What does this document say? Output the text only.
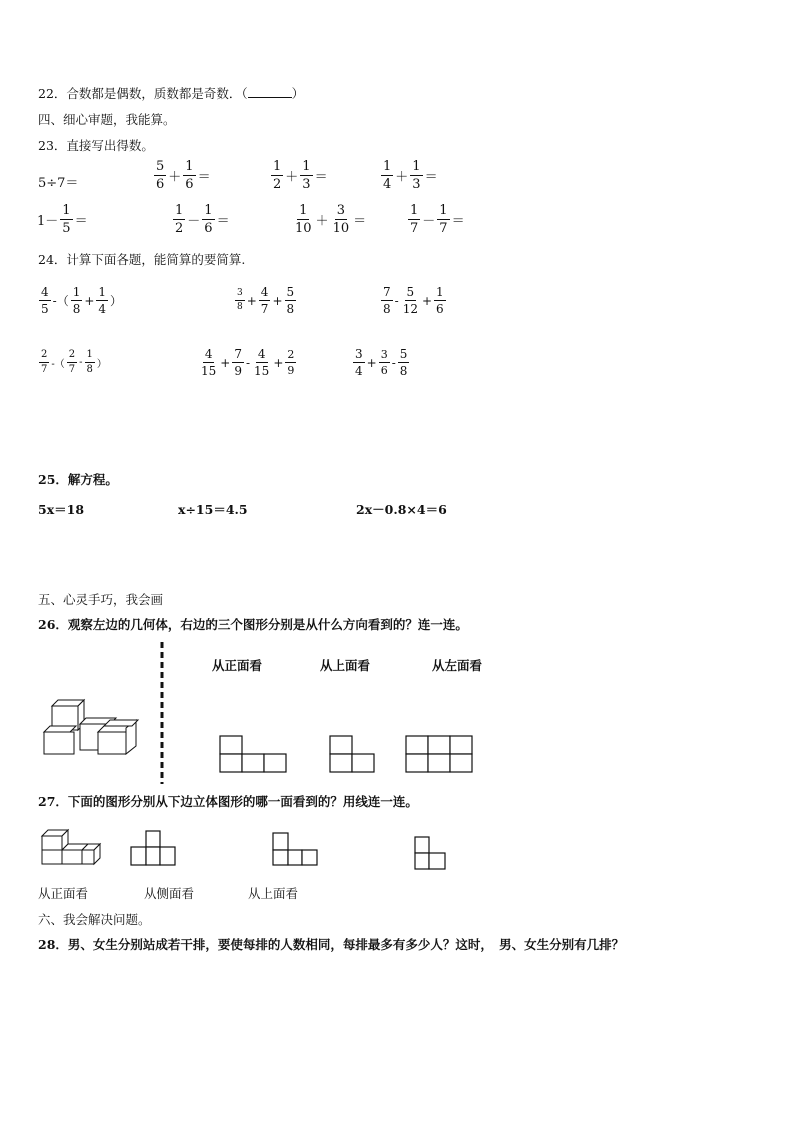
22．合数都是偶数，质数都是奇数．（	）
四、细心审题，我能算。
23．直接写出得数。
5÷7＝	$\frac{5}{6} + \frac{1}{6}$ ＝	$\frac{1}{2} + \frac{1}{3}$ ＝	$\frac{1}{4} + \frac{1}{3}$ ＝
$1- \frac{1}{5}$ ＝	$\frac{1}{2} - \frac{1}{6}$ ＝	$\frac{1}{10} + \frac{3}{10}$ ＝	$\frac{1}{7} - \frac{1}{7}$ ＝
24．计算下面各题，能简算的要简算.
$\frac{4}{5}$ -（ $\frac{1}{8} + \frac{1}{4}$ ）	$\frac{3}{8} + \frac{4}{7} + \frac{5}{8}$	$\frac{7}{8} - \frac{5}{12} + \frac{1}{6}$
$\frac{2}{7}$ -（ $\frac{2}{7} - \frac{1}{8}$ ）	$\frac{4}{15} + \frac{7}{9} - \frac{4}{15} + \frac{2}{9}$	$\frac{3}{4} + \frac{3}{6} - \frac{5}{8}$
25．解方程。
5x＝18	x÷15＝4.5	2x－0.8×4＝6
五、心灵手巧，我会画
26．观察左边的几何体，右边的三个图形分别是从什么方向看到的？连一连。
从正面看	从上面看	从左面看
27．下面的图形分别从下边立体图形的哪一面看到的？用线连一连。
从正面看	从侧面看	从上面看
六、我会解决问题。
28．男、女生分别站成若干排，要使每排的人数相同，每排最多有多少人？这时，　男、女生分别有几排？
